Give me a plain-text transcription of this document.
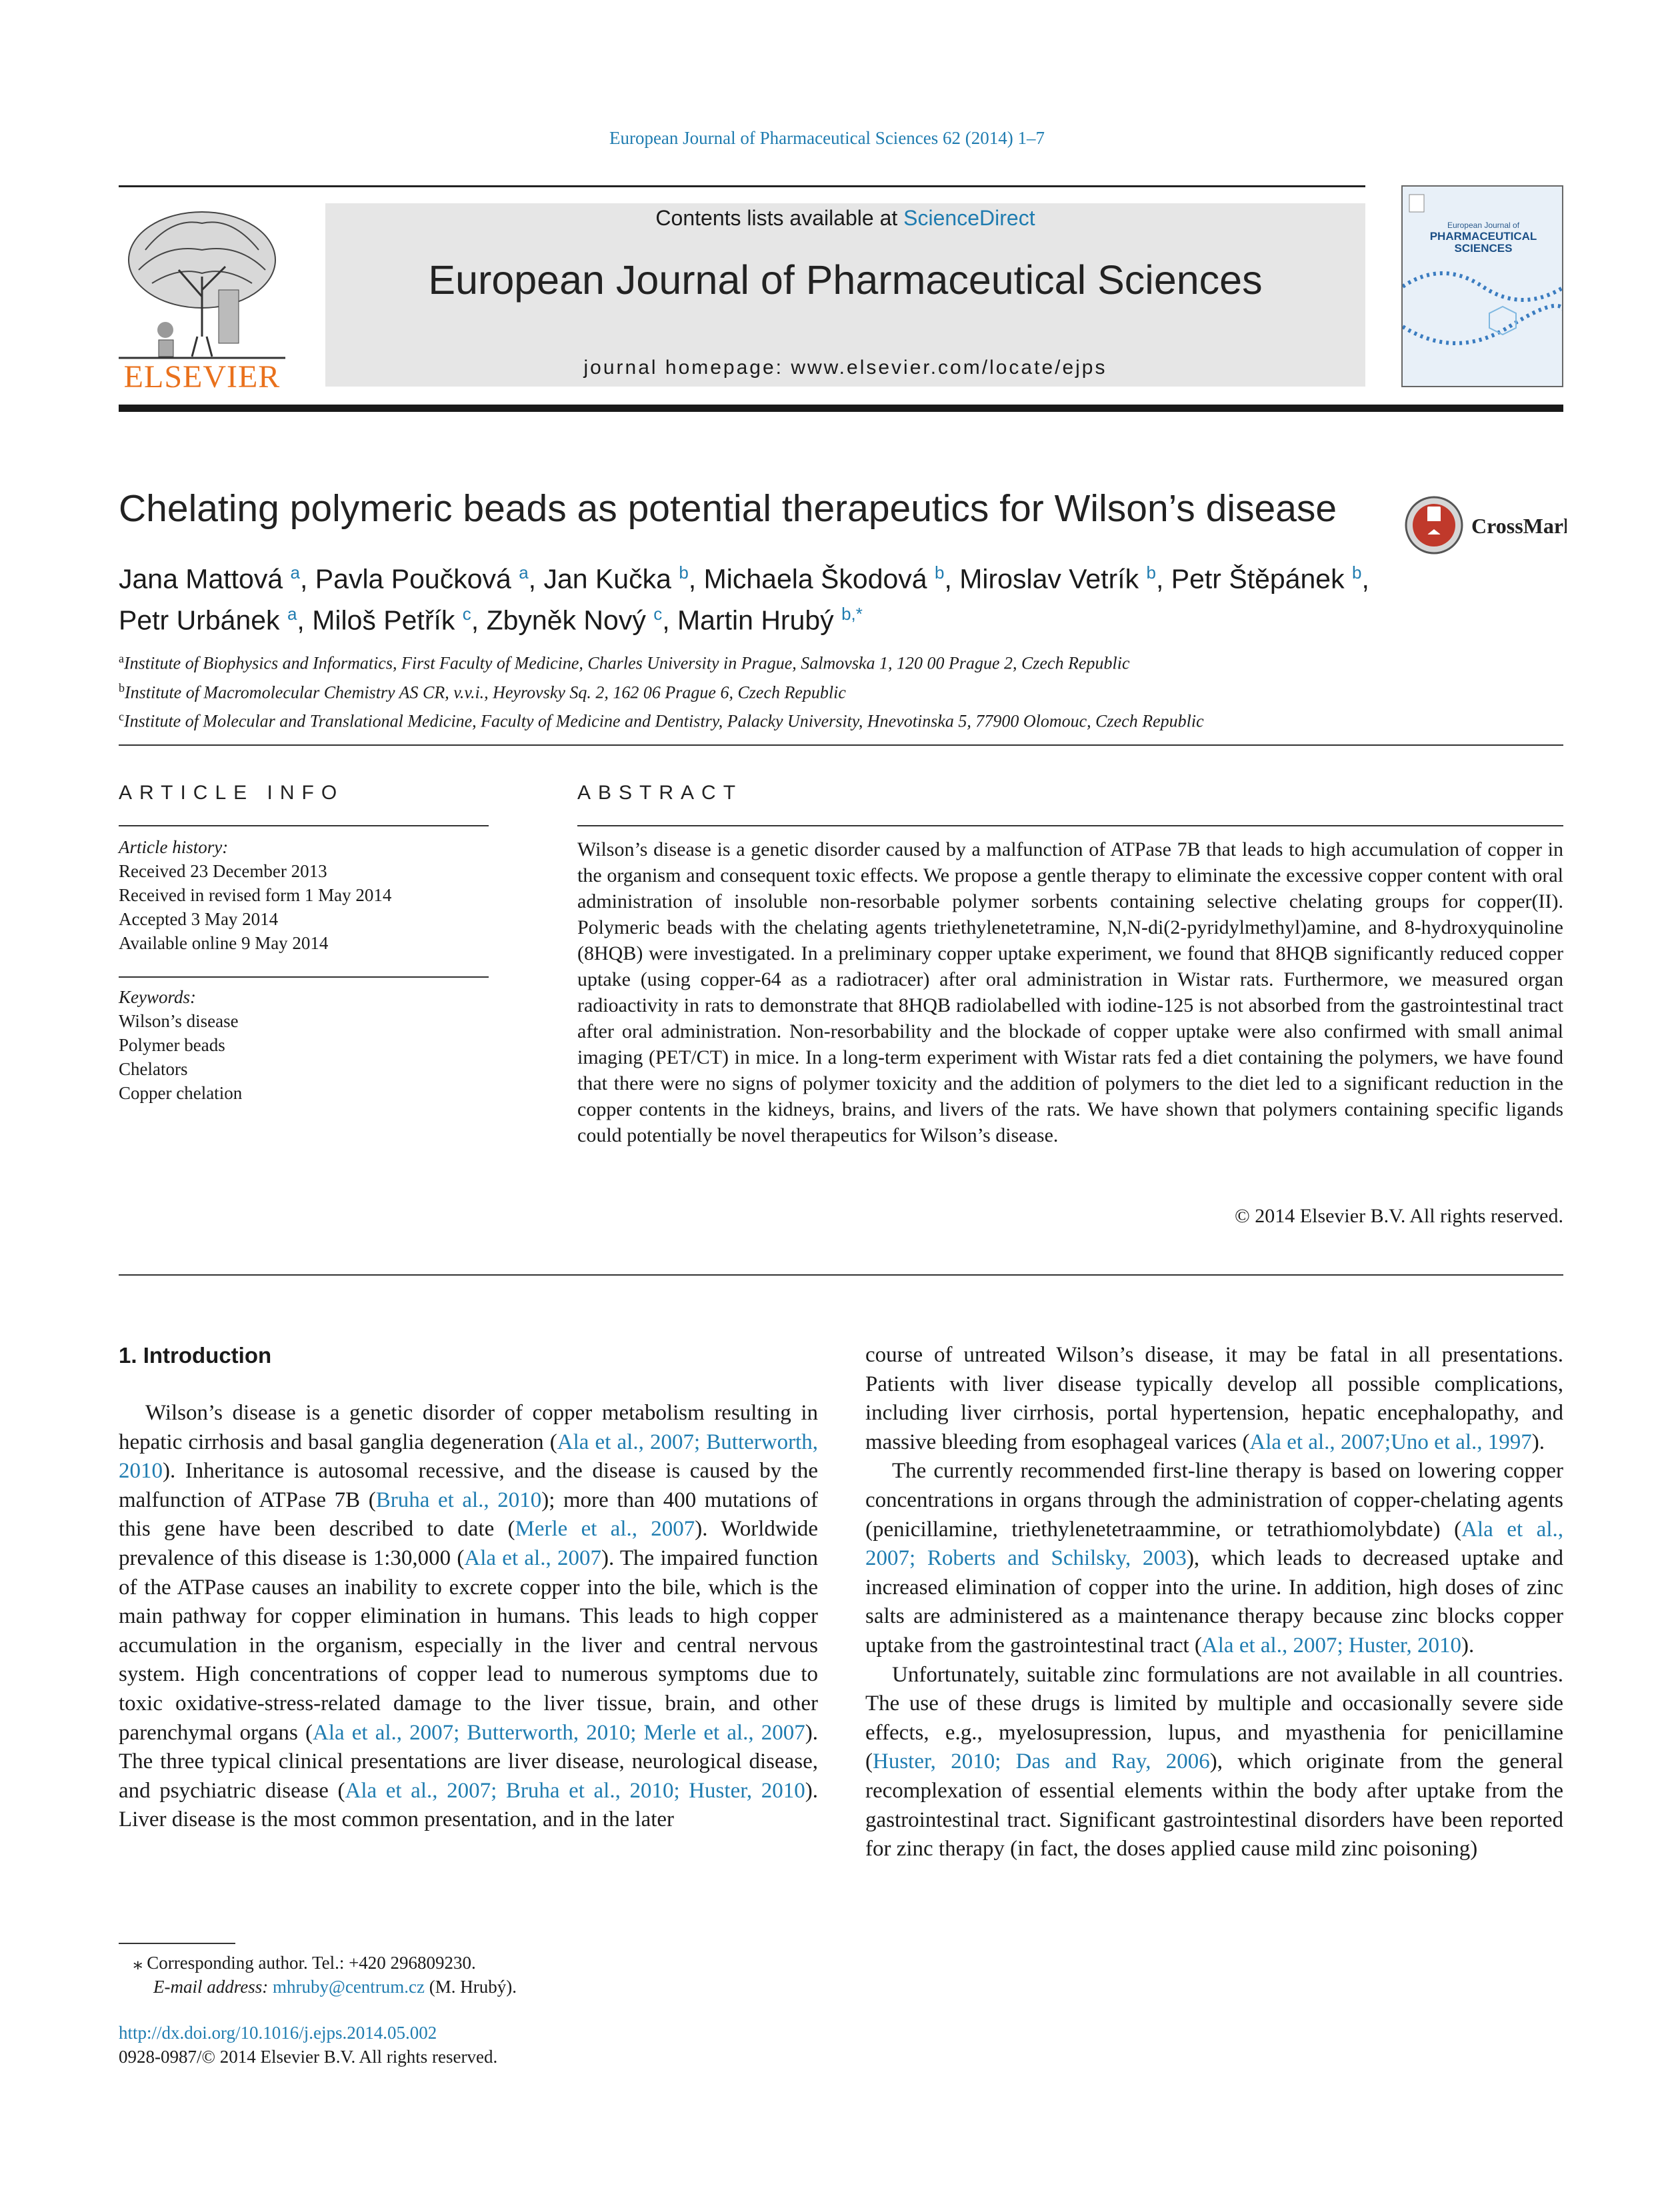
European Journal of Pharmaceutical Sciences 62 (2014) 1–7
ELSEVIER
Contents lists available at ScienceDirect
European Journal of Pharmaceutical Sciences
journal homepage: www.elsevier.com/locate/ejps
European Journal of
PHARMACEUTICAL
SCIENCES
Chelating polymeric beads as potential therapeutics for Wilson’s disease	CrossMark
Jana Mattová $^a$, Pavla Poučková $^a$, Jan Kučka $^b$, Michaela Škodová $^b$, Miroslav Vetrík $^b$, Petr Štěpánek $^b$,
Petr Urbánek $^a$, Miloš Petřík $^c$, Zbyněk Nový $^c$, Martin Hrubý $^{b,*}$
$^a$Institute of Biophysics and Informatics, First Faculty of Medicine, Charles University in Prague, Salmovska 1, 120 00 Prague 2, Czech Republic
$^b$Institute of Macromolecular Chemistry AS CR, v.v.i., Heyrovsky Sq. 2, 162 06 Prague 6, Czech Republic
$^c$Institute of Molecular and Translational Medicine, Faculty of Medicine and Dentistry, Palacky University, Hnevotinska 5, 77900 Olomouc, Czech Republic
ARTICLE INFO	ABSTRACT
Article history:
Received 23 December 2013
Received in revised form 1 May 2014
Accepted 3 May 2014
Available online 9 May 2014
Keywords:
Wilson’s disease
Polymer beads
Chelators
Copper chelation

Wilson’s disease is a genetic disorder caused by a malfunction of ATPase 7B that leads to high accumulation of copper in the organism and consequent toxic effects. We propose a gentle therapy to eliminate the excessive copper content with oral administration of insoluble non-resorbable polymer sorbents containing selective chelating groups for copper(II). Polymeric beads with the chelating agents triethylenetetramine, N,N-di(2-pyridylmethyl)amine, and 8-hydroxyquinoline (8HQB) were investigated. In a preliminary copper uptake experiment, we found that 8HQB significantly reduced copper uptake (using copper-64 as a radiotracer) after oral administration in Wistar rats. Furthermore, we measured organ radioactivity in rats to demonstrate that 8HQB radiolabelled with iodine-125 is not absorbed from the gastrointestinal tract after oral administration. Non-resorbability and the blockade of copper uptake were also confirmed with small animal imaging (PET/CT) in mice. In a long-term experiment with Wistar rats fed a diet containing the polymers, we have found that there were no signs of polymer toxicity and the addition of polymers to the diet led to a significant reduction in the copper contents in the kidneys, brains, and livers of the rats. We have shown that polymers containing specific ligands could potentially be novel therapeutics for Wilson’s disease.

© 2014 Elsevier B.V. All rights reserved.
1. Introduction

Wilson’s disease is a genetic disorder of copper metabolism resulting in hepatic cirrhosis and basal ganglia degeneration (Ala et al., 2007; Butterworth, 2010). Inheritance is autosomal recessive, and the disease is caused by the malfunction of ATPase 7B (Bruha et al., 2010); more than 400 mutations of this gene have been described to date (Merle et al., 2007). Worldwide prevalence of this disease is 1:30,000 (Ala et al., 2007). The impaired function of the ATPase causes an inability to excrete copper into the bile, which is the main pathway for copper elimination in humans. This leads to high copper accumulation in the organism, especially in the liver and central nervous system. High concentrations of copper lead to numerous symptoms due to toxic oxidative-stress-related damage to the liver tissue, brain, and other parenchymal organs (Ala et al., 2007; Butterworth, 2010; Merle et al., 2007). The three typical clinical presentations are liver disease, neurological disease, and psychiatric disease (Ala et al., 2007; Bruha et al., 2010; Huster, 2010). Liver disease is the most common presentation, and in the later

course of untreated Wilson’s disease, it may be fatal in all presentations. Patients with liver disease typically develop all possible complications, including liver cirrhosis, portal hypertension, hepatic encephalopathy, and massive bleeding from esophageal varices (Ala et al., 2007;Uno et al., 1997).

The currently recommended first-line therapy is based on lowering copper concentrations in organs through the administration of copper-chelating agents (penicillamine, triethylenetetraammine, or tetrathiomolybdate) (Ala et al., 2007; Roberts and Schilsky, 2003), which leads to decreased uptake and increased elimination of copper into the urine. In addition, high doses of zinc salts are administered as a maintenance therapy because zinc blocks copper uptake from the gastrointestinal tract (Ala et al., 2007; Huster, 2010).

Unfortunately, suitable zinc formulations are not available in all countries. The use of these drugs is limited by multiple and occasionally severe side effects, e.g., myelosupression, lupus, and myasthenia for penicillamine (Huster, 2010; Das and Ray, 2006), which originate from the general recomplexation of essential elements within the body after uptake from the gastrointestinal tract. Significant gastrointestinal disorders have been reported for zinc therapy (in fact, the doses applied cause mild zinc poisoning)

⁎ Corresponding author. Tel.: +420 296809230.
E-mail address: mhruby@centrum.cz (M. Hrubý).
http://dx.doi.org/10.1016/j.ejps.2014.05.002
0928-0987/© 2014 Elsevier B.V. All rights reserved.
